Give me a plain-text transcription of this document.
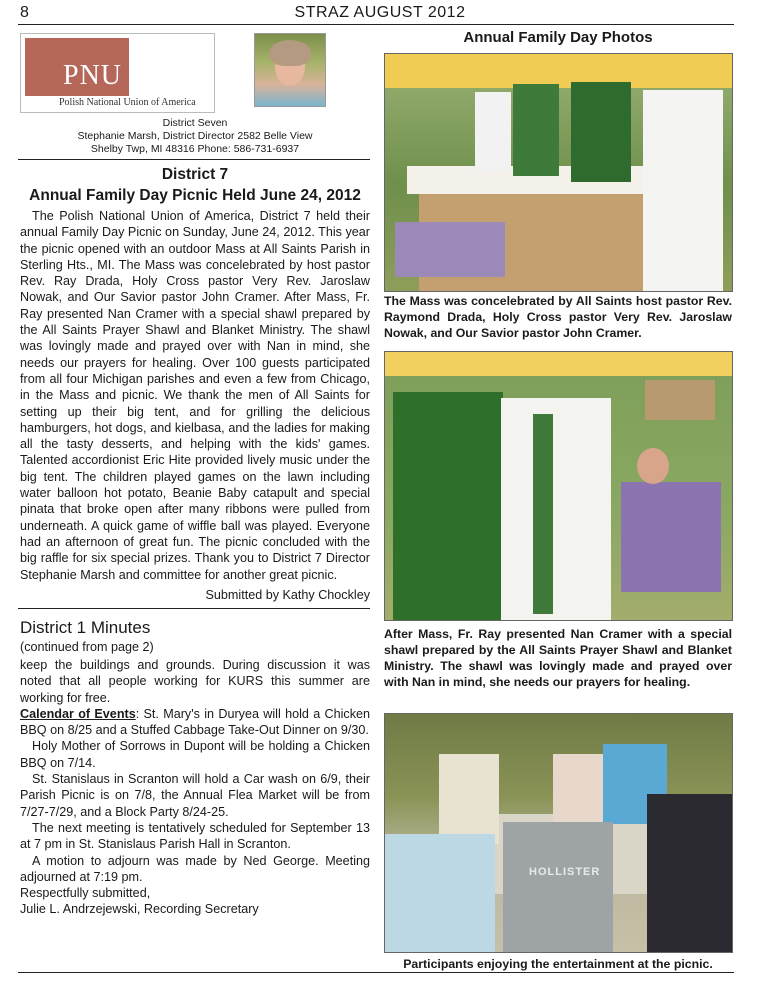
8	STRAZ AUGUST 2012
PNU
Polish National Union of America
District Seven
Stephanie Marsh, District Director 2582 Belle View
Shelby Twp, MI 48316 Phone: 586-731-6937
District 7
Annual Family Day Picnic Held June 24, 2012

The Polish National Union of America, District 7 held their annual Family Day Picnic on Sunday, June 24, 2012. This year the picnic opened with an outdoor Mass at All Saints Parish in Sterling Hts., MI. The Mass was concelebrated by host pastor Rev. Ray Drada, Holy Cross pastor Very Rev. Jaroslaw Nowak, and Our Savior pastor John Cramer. After Mass, Fr. Ray presented Nan Cramer with a special shawl prepared by the All Saints Prayer Shawl and Blanket Ministry. The shawl was lovingly made and prayed over with Nan in mind, she needs our prayers for healing. Over 100 guests participated from all four Michigan parishes and even a few from Chicago, in the Mass and picnic. We thank the men of All Saints for setting up their big tent, and for grilling the delicious hamburgers, hot dogs, and kielbasa, and the ladies for making all the tasty desserts, and helping with the kids' games. Talented accordionist Eric Hite provided lively music under the big tent. The children played games on the lawn including water balloon hot potato, Beanie Baby catapult and special pinata that broke open after many ribbons were pulled from underneath. A quick game of wiffle ball was played. Everyone had an afternoon of great fun. The picnic concluded with the big raffle for six special prizes. Thank you to District 7 Director Stephanie Marsh and committee for another great picnic.

Submitted by Kathy Chockley
District 1 Minutes
(continued from page 2)

keep the buildings and grounds. During discussion it was noted that all people working for KURS this summer are working for free.

Calendar of Events: St. Mary's in Duryea will hold a Chicken BBQ on 8/25 and a Stuffed Cabbage Take-Out Dinner on 9/30.

Holy Mother of Sorrows in Dupont will be holding a Chicken BBQ on 7/14.

St. Stanislaus in Scranton will hold a Car wash on 6/9, their Parish Picnic is on 7/8, the Annual Flea Market will be from 7/27-7/29, and a Block Party 8/24-25.

The next meeting is tentatively scheduled for September 13 at 7 pm in St. Stanislaus Parish Hall in Scranton.

A motion to adjourn was made by Ned George. Meeting adjourned at 7:19 pm.

Respectfully submitted,

Julie L. Andrzejewski, Recording Secretary

Annual Family Day Photos
The Mass was concelebrated by All Saints host pastor Rev. Raymond Drada, Holy Cross pastor Very Rev. Jaroslaw Nowak, and Our Savior pastor John Cramer.
After Mass, Fr. Ray presented Nan Cramer with a special shawl prepared by the All Saints Prayer Shawl and Blanket Ministry. The shawl was lovingly made and prayed over with Nan in mind, she needs our prayers for healing.
HOLLISTER
Participants enjoying the entertainment at the picnic.
